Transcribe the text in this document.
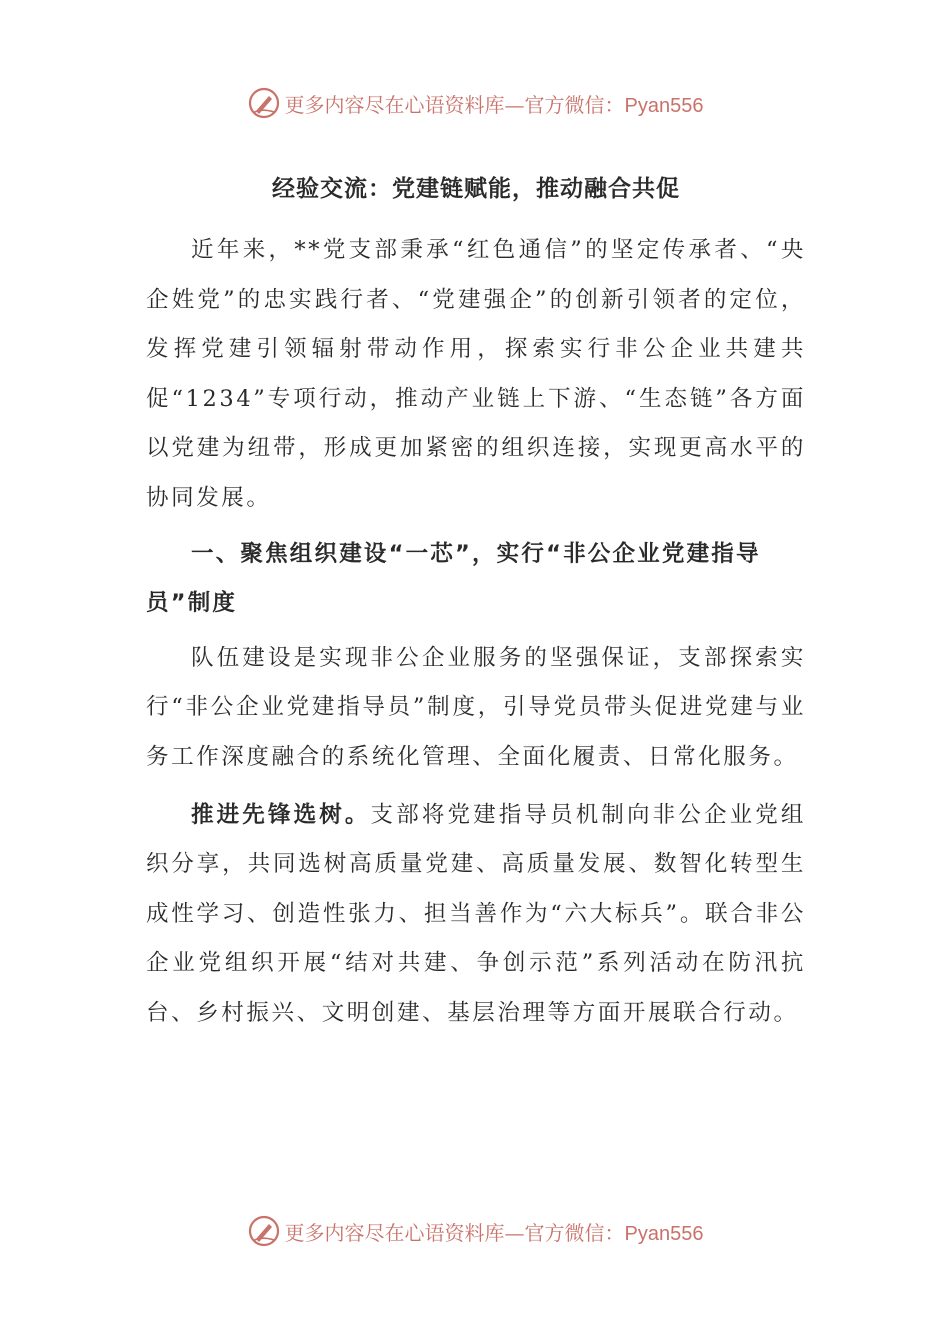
更多内容尽在心语资料库—官方微信：Pyan556
经验交流：党建链赋能，推动融合共促

近年来，**党支部秉承“红色通信”的坚定传承者、“央企姓党”的忠实践行者、“党建强企”的创新引领者的定位，发挥党建引领辐射带动作用，探索实行非公企业共建共促“1234”专项行动，推动产业链上下游、“生态链”各方面以党建为纽带，形成更加紧密的组织连接，实现更高水平的协同发展。

一、聚焦组织建设“一芯”，实行“非公企业党建指导员”制度

队伍建设是实现非公企业服务的坚强保证，支部探索实行“非公企业党建指导员”制度，引导党员带头促进党建与业务工作深度融合的系统化管理、全面化履责、日常化服务。

推进先锋选树。支部将党建指导员机制向非公企业党组织分享，共同选树高质量党建、高质量发展、数智化转型生成性学习、创造性张力、担当善作为“六大标兵”。联合非公企业党组织开展“结对共建、争创示范”系列活动在防汛抗台、乡村振兴、文明创建、基层治理等方面开展联合行动。

更多内容尽在心语资料库—官方微信：Pyan556
